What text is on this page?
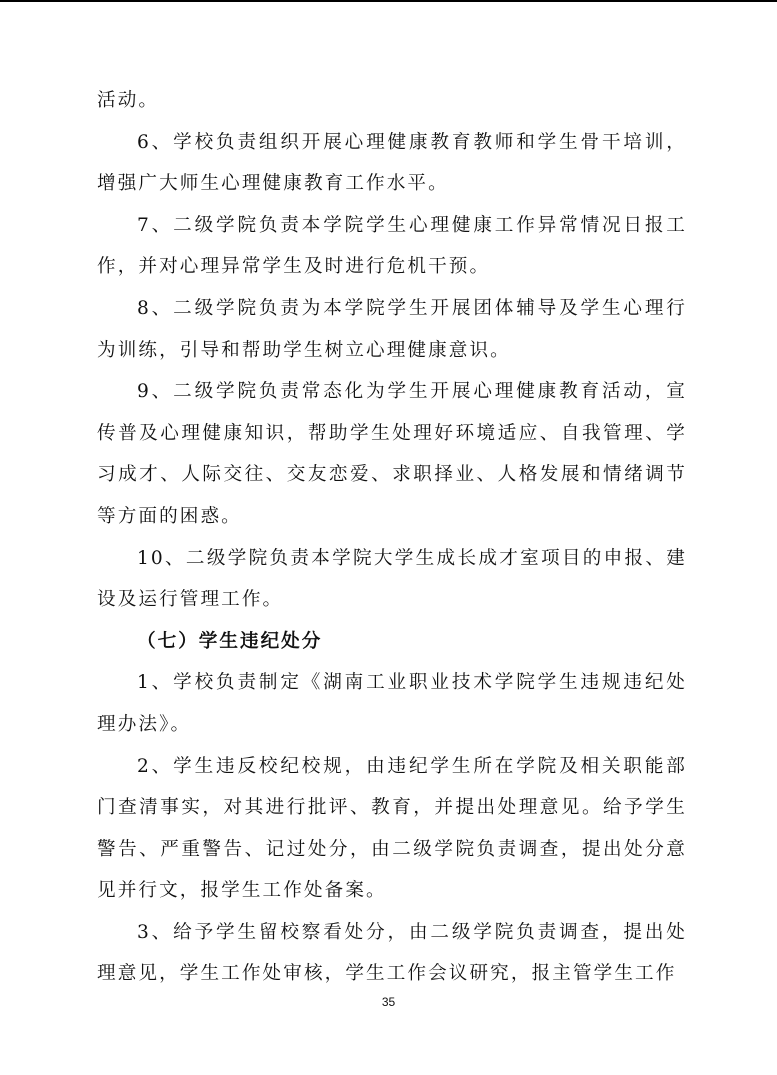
活动。

6、学校负责组织开展心理健康教育教师和学生骨干培训，增强广大师生心理健康教育工作水平。

7、二级学院负责本学院学生心理健康工作异常情况日报工作，并对心理异常学生及时进行危机干预。

8、二级学院负责为本学院学生开展团体辅导及学生心理行为训练，引导和帮助学生树立心理健康意识。

9、二级学院负责常态化为学生开展心理健康教育活动，宣传普及心理健康知识，帮助学生处理好环境适应、自我管理、学习成才、人际交往、交友恋爱、求职择业、人格发展和情绪调节等方面的困惑。

10、二级学院负责本学院大学生成长成才室项目的申报、建设及运行管理工作。

（七）学生违纪处分

1、学校负责制定《湖南工业职业技术学院学生违规违纪处理办法》。

2、学生违反校纪校规，由违纪学生所在学院及相关职能部门查清事实，对其进行批评、教育，并提出处理意见。给予学生警告、严重警告、记过处分，由二级学院负责调查，提出处分意见并行文，报学生工作处备案。

3、给予学生留校察看处分，由二级学院负责调查，提出处理意见，学生工作处审核，学生工作会议研究，报主管学生工作

35
